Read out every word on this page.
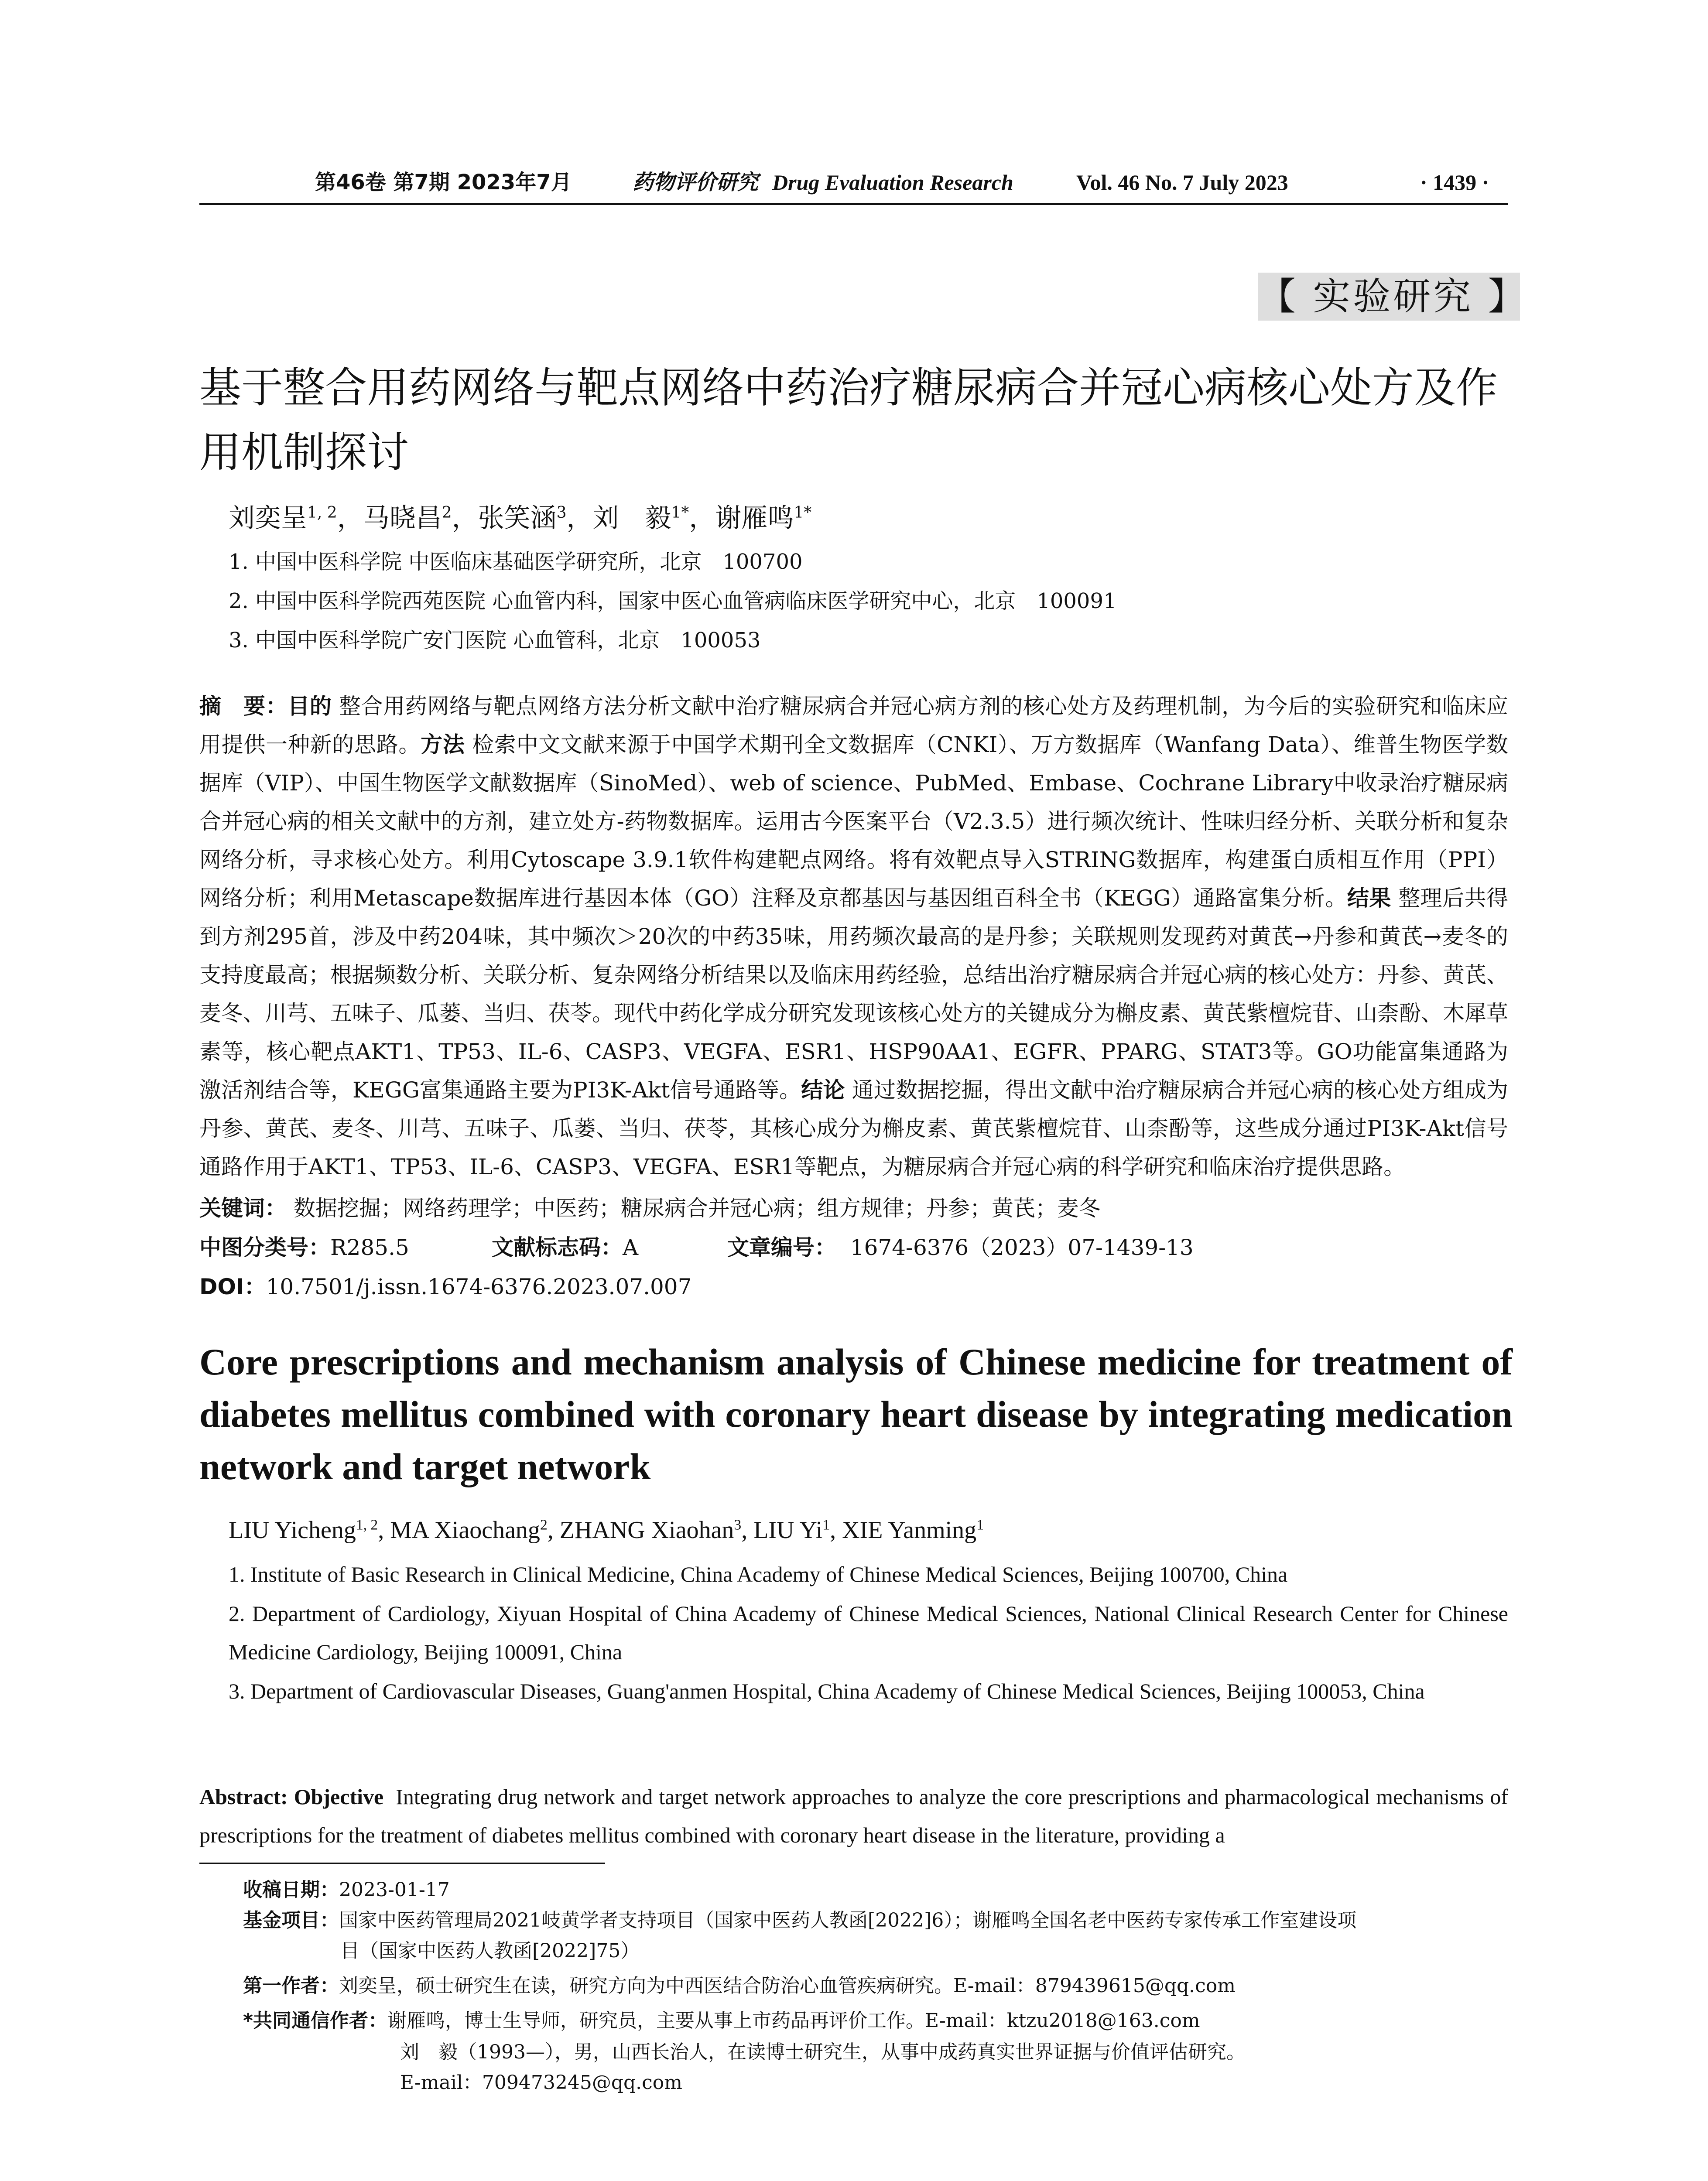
第46卷 第7期 2023年7月	药物评价研究 Drug Evaluation Research	Vol. 46 No. 7 July 2023	· 1439 ·
【 实验研究 】
基于整合用药网络与靶点网络中药治疗糖尿病合并冠心病核心处方及作用机制探讨
刘奕呈$^{1, 2}$，马晓昌$^2$，张笑涵$^3$，刘　毅$^{1*}$，谢雁鸣$^{1*}$
1. 中国中医科学院 中医临床基础医学研究所，北京　100700
2. 中国中医科学院西苑医院 心血管内科，国家中医心血管病临床医学研究中心，北京　100091
3. 中国中医科学院广安门医院 心血管科，北京　100053
摘　要：目的 整合用药网络与靶点网络方法分析文献中治疗糖尿病合并冠心病方剂的核心处方及药理机制，为今后的实验研究和临床应用提供一种新的思路。方法 检索中文文献来源于中国学术期刊全文数据库（CNKI）、万方数据库（Wanfang Data）、维普生物医学数据库（VIP）、中国生物医学文献数据库（SinoMed）、web of science、PubMed、Embase、Cochrane Library中收录治疗糖尿病合并冠心病的相关文献中的方剂，建立处方-药物数据库。运用古今医案平台（V2.3.5）进行频次统计、性味归经分析、关联分析和复杂网络分析，寻求核心处方。利用Cytoscape 3.9.1软件构建靶点网络。将有效靶点导入STRING数据库，构建蛋白质相互作用（PPI）网络分析；利用Metascape数据库进行基因本体（GO）注释及京都基因与基因组百科全书（KEGG）通路富集分析。结果 整理后共得到方剂295首，涉及中药204味，其中频次＞20次的中药35味，用药频次最高的是丹参；关联规则发现药对黄芪→丹参和黄芪→麦冬的支持度最高；根据频数分析、关联分析、复杂网络分析结果以及临床用药经验，总结出治疗糖尿病合并冠心病的核心处方：丹参、黄芪、麦冬、川芎、五味子、瓜蒌、当归、茯苓。现代中药化学成分研究发现该核心处方的关键成分为槲皮素、黄芪紫檀烷苷、山柰酚、木犀草素等，核心靶点AKT1、TP53、IL-6、CASP3、VEGFA、ESR1、HSP90AA1、EGFR、PPARG、STAT3等。GO功能富集通路为激活剂结合等，KEGG富集通路主要为PI3K-Akt信号通路等。结论 通过数据挖掘，得出文献中治疗糖尿病合并冠心病的核心处方组成为丹参、黄芪、麦冬、川芎、五味子、瓜蒌、当归、茯苓，其核心成分为槲皮素、黄芪紫檀烷苷、山柰酚等，这些成分通过PI3K-Akt信号通路作用于AKT1、TP53、IL-6、CASP3、VEGFA、ESR1等靶点，为糖尿病合并冠心病的科学研究和临床治疗提供思路。
关键词： 数据挖掘；网络药理学；中医药；糖尿病合并冠心病；组方规律；丹参；黄芪；麦冬
中图分类号：R285.5	文献标志码：A	文章编号： 1674-6376（2023）07-1439-13
DOI：10.7501/j.issn.1674-6376.2023.07.007
Core prescriptions and mechanism analysis of Chinese medicine for treatment of diabetes mellitus combined with coronary heart disease by integrating medication network and target network
LIU Yicheng$^{1, 2}$, MA Xiaochang$^2$, ZHANG Xiaohan$^3$, LIU Yi$^1$, XIE Yanming$^1$
1. Institute of Basic Research in Clinical Medicine, China Academy of Chinese Medical Sciences, Beijing 100700, China
2. Department of Cardiology, Xiyuan Hospital of China Academy of Chinese Medical Sciences, National Clinical Research Center for Chinese Medicine Cardiology, Beijing 100091, China
3. Department of Cardiovascular Diseases, Guang'anmen Hospital, China Academy of Chinese Medical Sciences, Beijing 100053, China
Abstract: Objective Integrating drug network and target network approaches to analyze the core prescriptions and pharmacological mechanisms of prescriptions for the treatment of diabetes mellitus combined with coronary heart disease in the literature, providing a
收稿日期：2023-01-17
基金项目：国家中医药管理局2021岐黄学者支持项目（国家中医药人教函[2022]6）；谢雁鸣全国名老中医药专家传承工作室建设项
目（国家中医药人教函[2022]75）
第一作者：刘奕呈，硕士研究生在读，研究方向为中西医结合防治心血管疾病研究。E-mail：879439615@qq.com
*共同通信作者：谢雁鸣，博士生导师，研究员，主要从事上市药品再评价工作。E-mail：ktzu2018@163.com
刘　毅（1993—），男，山西长治人，在读博士研究生，从事中成药真实世界证据与价值评估研究。
E-mail：709473245@qq.com
